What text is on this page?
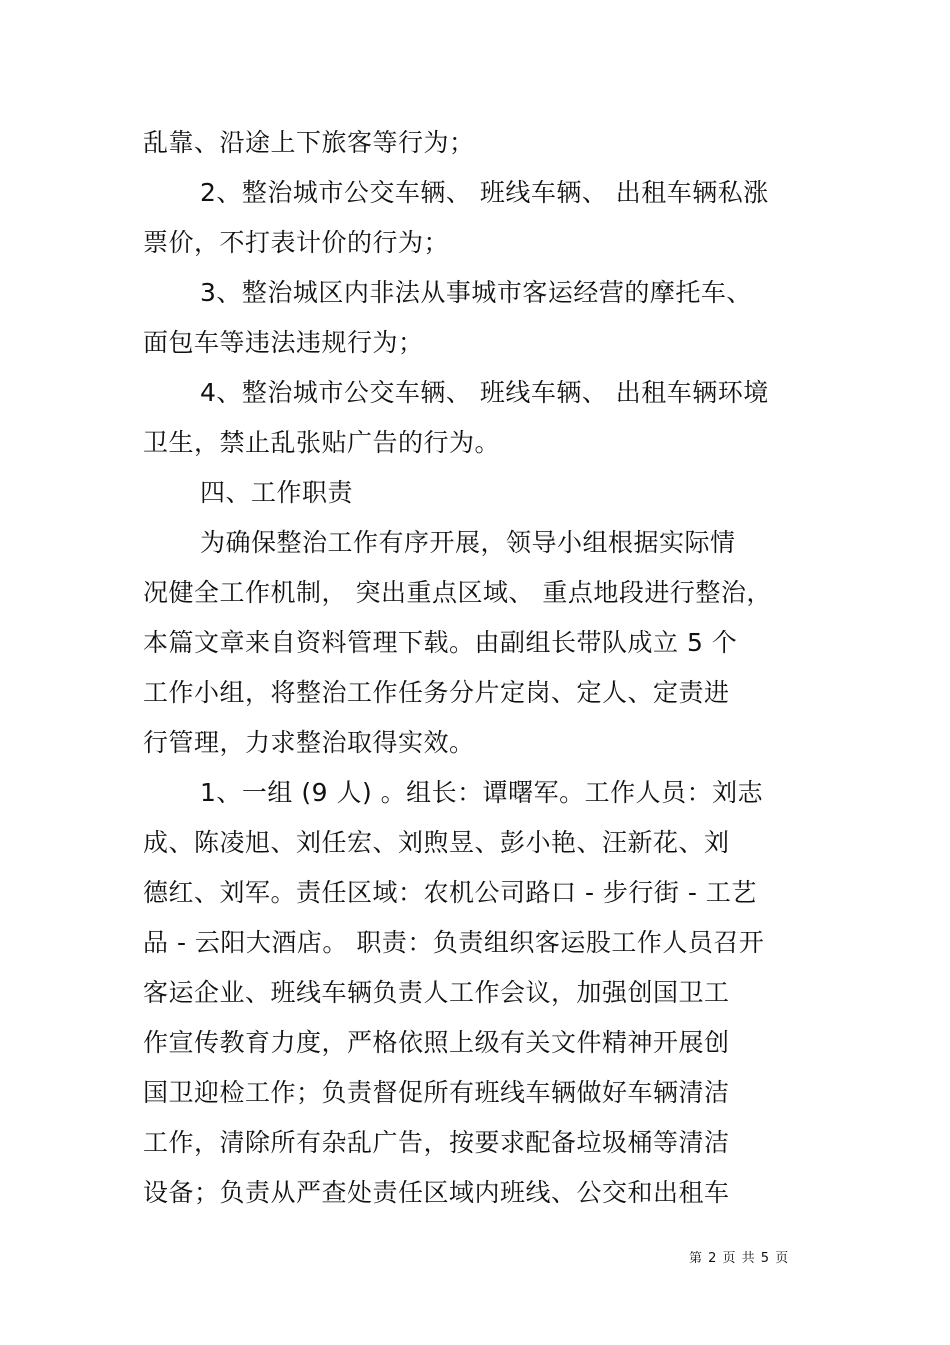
乱靠、沿途上下旅客等行为；
2、整治城市公交车辆、 班线车辆、 出租车辆私涨
票价，不打表计价的行为；
3、整治城区内非法从事城市客运经营的摩托车、
面包车等违法违规行为；
4、整治城市公交车辆、 班线车辆、 出租车辆环境
卫生，禁止乱张贴广告的行为。
四、工作职责
为确保整治工作有序开展，领导小组根据实际情
况健全工作机制， 突出重点区域、 重点地段进行整治，
本篇文章来自资料管理下载。由副组长带队成立 5 个
工作小组，将整治工作任务分片定岗、定人、定责进
行管理，力求整治取得实效。
1、一组 (9 人) 。组长：谭曙军。工作人员：刘志
成、陈凌旭、刘任宏、刘煦昱、彭小艳、汪新花、刘
德红、刘军。责任区域：农机公司路口 - 步行街 - 工艺
品 - 云阳大酒店。 职责：负责组织客运股工作人员召开
客运企业、班线车辆负责人工作会议，加强创国卫工
作宣传教育力度，严格依照上级有关文件精神开展创
国卫迎检工作；负责督促所有班线车辆做好车辆清洁
工作，清除所有杂乱广告，按要求配备垃圾桶等清洁
设备；负责从严查处责任区域内班线、公交和出租车
第 2 页 共 5 页
